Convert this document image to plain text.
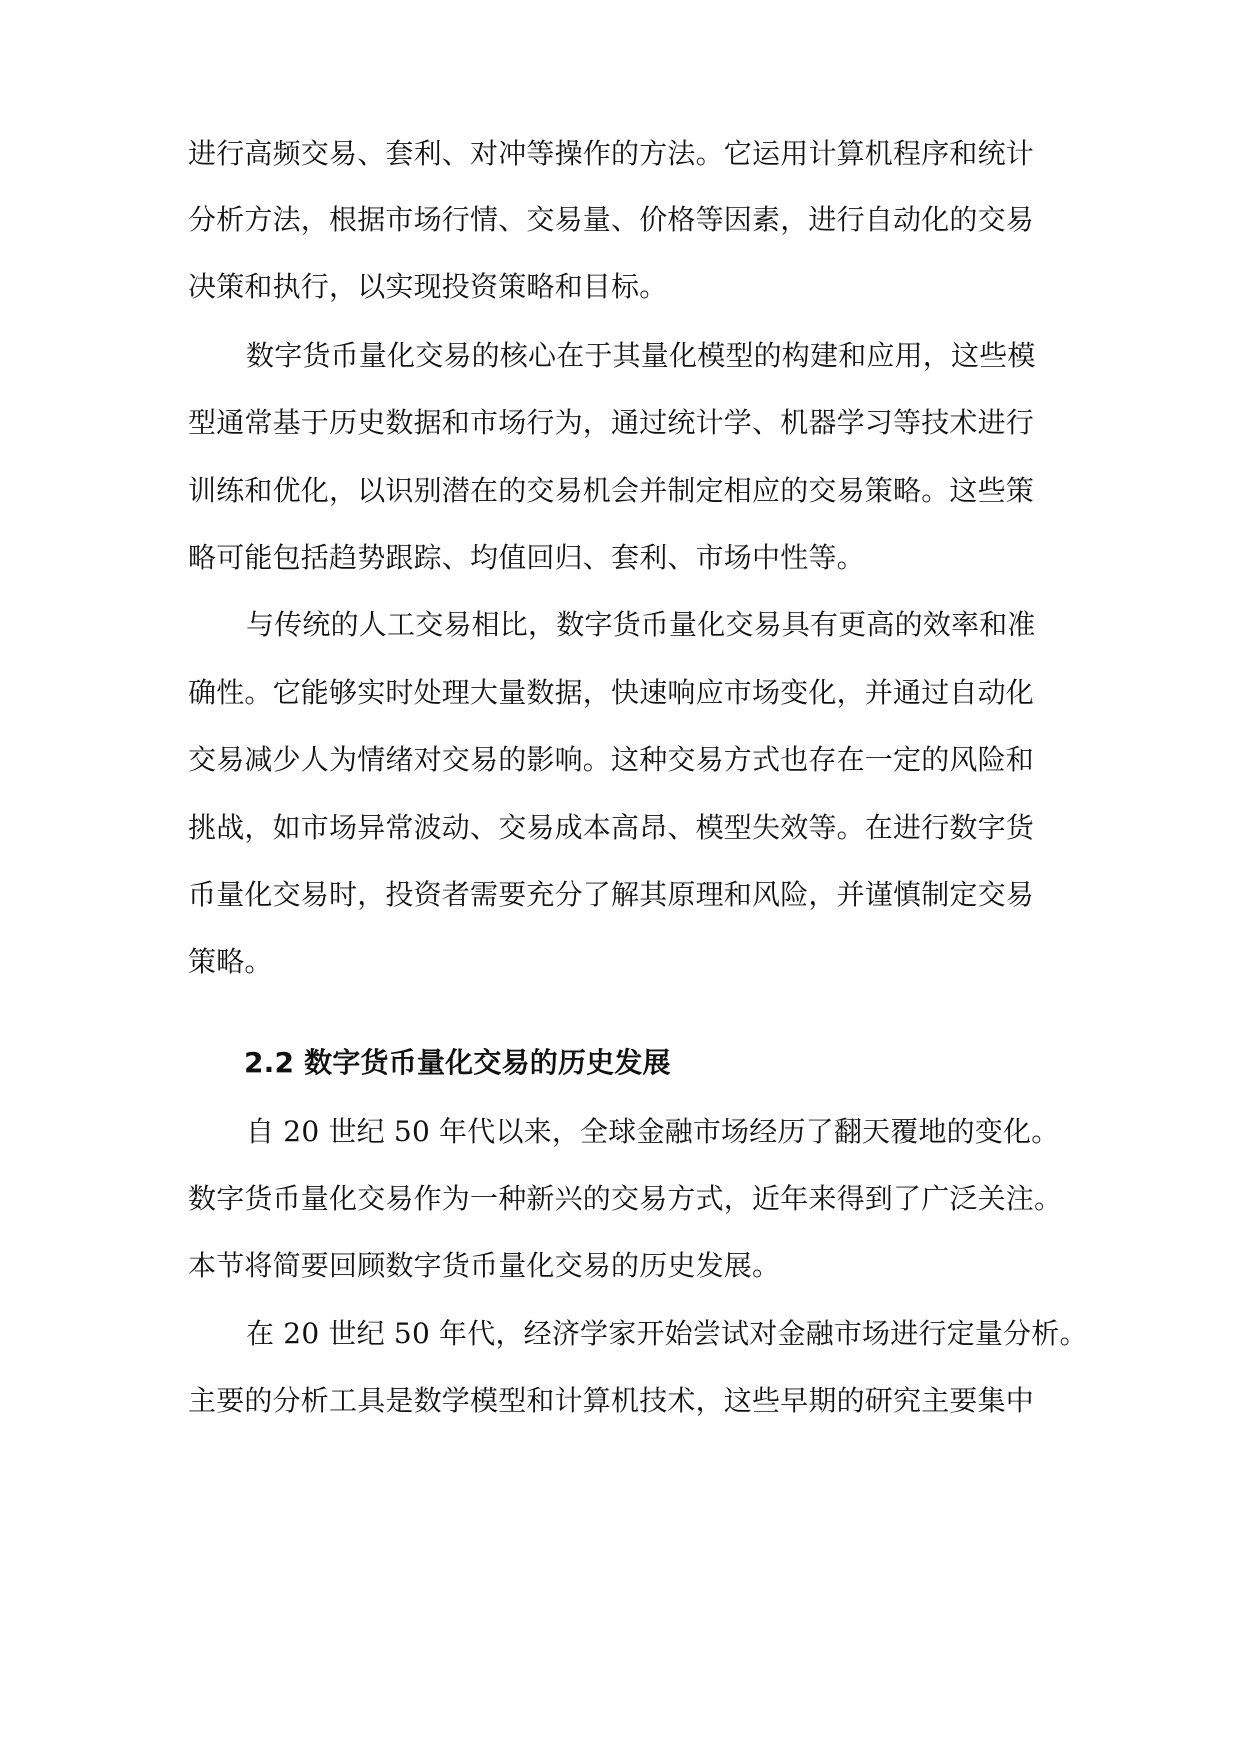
进行高频交易、套利、对冲等操作的方法。它运用计算机程序和统计
分析方法，根据市场行情、交易量、价格等因素，进行自动化的交易
决策和执行，以实现投资策略和目标。
数字货币量化交易的核心在于其量化模型的构建和应用，这些模
型通常基于历史数据和市场行为，通过统计学、机器学习等技术进行
训练和优化，以识别潜在的交易机会并制定相应的交易策略。这些策
略可能包括趋势跟踪、均值回归、套利、市场中性等。
与传统的人工交易相比，数字货币量化交易具有更高的效率和准
确性。它能够实时处理大量数据，快速响应市场变化，并通过自动化
交易减少人为情绪对交易的影响。这种交易方式也存在一定的风险和
挑战，如市场异常波动、交易成本高昂、模型失效等。在进行数字货
币量化交易时，投资者需要充分了解其原理和风险，并谨慎制定交易
策略。
2.2 数字货币量化交易的历史发展
自 20 世纪 50 年代以来，全球金融市场经历了翻天覆地的变化。
数字货币量化交易作为一种新兴的交易方式，近年来得到了广泛关注。
本节将简要回顾数字货币量化交易的历史发展。
在 20 世纪 50 年代，经济学家开始尝试对金融市场进行定量分析。
主要的分析工具是数学模型和计算机技术，这些早期的研究主要集中
